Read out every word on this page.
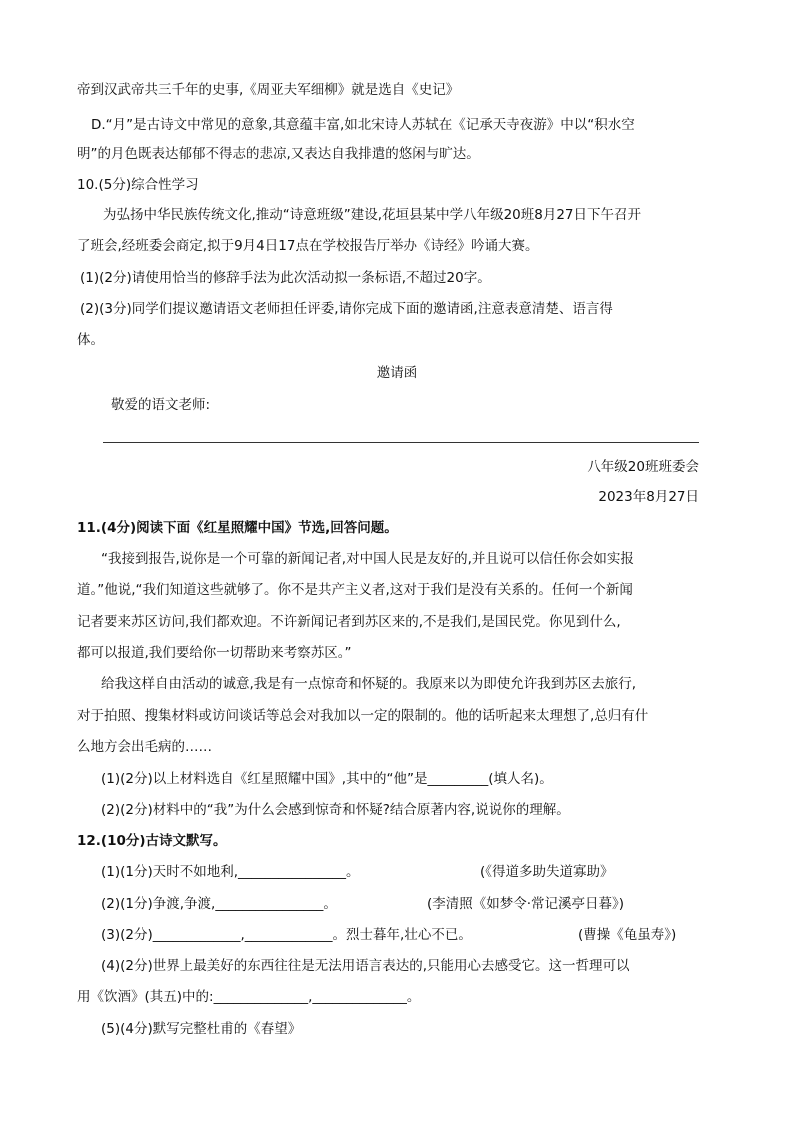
帝到汉武帝共三千年的史事,《周亚夫军细柳》就是选自《史记》
D.“月”是古诗文中常见的意象,其意蕴丰富,如北宋诗人苏轼在《记承天寺夜游》中以“积水空
明”的月色既表达郁郁不得志的悲凉,又表达自我排遣的悠闲与旷达。
10.(5分)综合性学习
为弘扬中华民族传统文化,推动“诗意班级”建设,花垣县某中学八年级20班8月27日下午召开
了班会,经班委会商定,拟于9月4日17点在学校报告厅举办《诗经》吟诵大赛。
(1)(2分)请使用恰当的修辞手法为此次活动拟一条标语,不超过20字。
(2)(3分)同学们提议邀请语文老师担任评委,请你完成下面的邀请函,注意表意清楚、语言得
体。
邀请函
敬爱的语文老师:
八年级20班班委会
2023年8月27日
11.(4分)阅读下面《红星照耀中国》节选,回答问题。
“我接到报告,说你是一个可靠的新闻记者,对中国人民是友好的,并且说可以信任你会如实报
道。”他说,“我们知道这些就够了。你不是共产主义者,这对于我们是没有关系的。任何一个新闻
记者要来苏区访问,我们都欢迎。不许新闻记者到苏区来的,不是我们,是国民党。你见到什么,
都可以报道,我们要给你一切帮助来考察苏区。”
给我这样自由活动的诚意,我是有一点惊奇和怀疑的。我原来以为即使允许我到苏区去旅行,
对于拍照、搜集材料或访问谈话等总会对我加以一定的限制的。他的话听起来太理想了,总归有什
么地方会出毛病的……
(1)(2分)以上材料选自《红星照耀中国》,其中的“他”是_________(填人名)。
(2)(2分)材料中的“我”为什么会感到惊奇和怀疑?结合原著内容,说说你的理解。
12.(10分)古诗文默写。
(1)(1分)天时不如地利,________________。	(《得道多助失道寡助》
(2)(1分)争渡,争渡,________________。	(李清照《如梦令·常记溪亭日暮》)
(3)(2分)_____________,_____________。烈士暮年,壮心不已。	(曹操《龟虽寿》)
(4)(2分)世界上最美好的东西往往是无法用语言表达的,只能用心去感受它。这一哲理可以
用《饮酒》(其五)中的:______________,______________。
(5)(4分)默写完整杜甫的《春望》
